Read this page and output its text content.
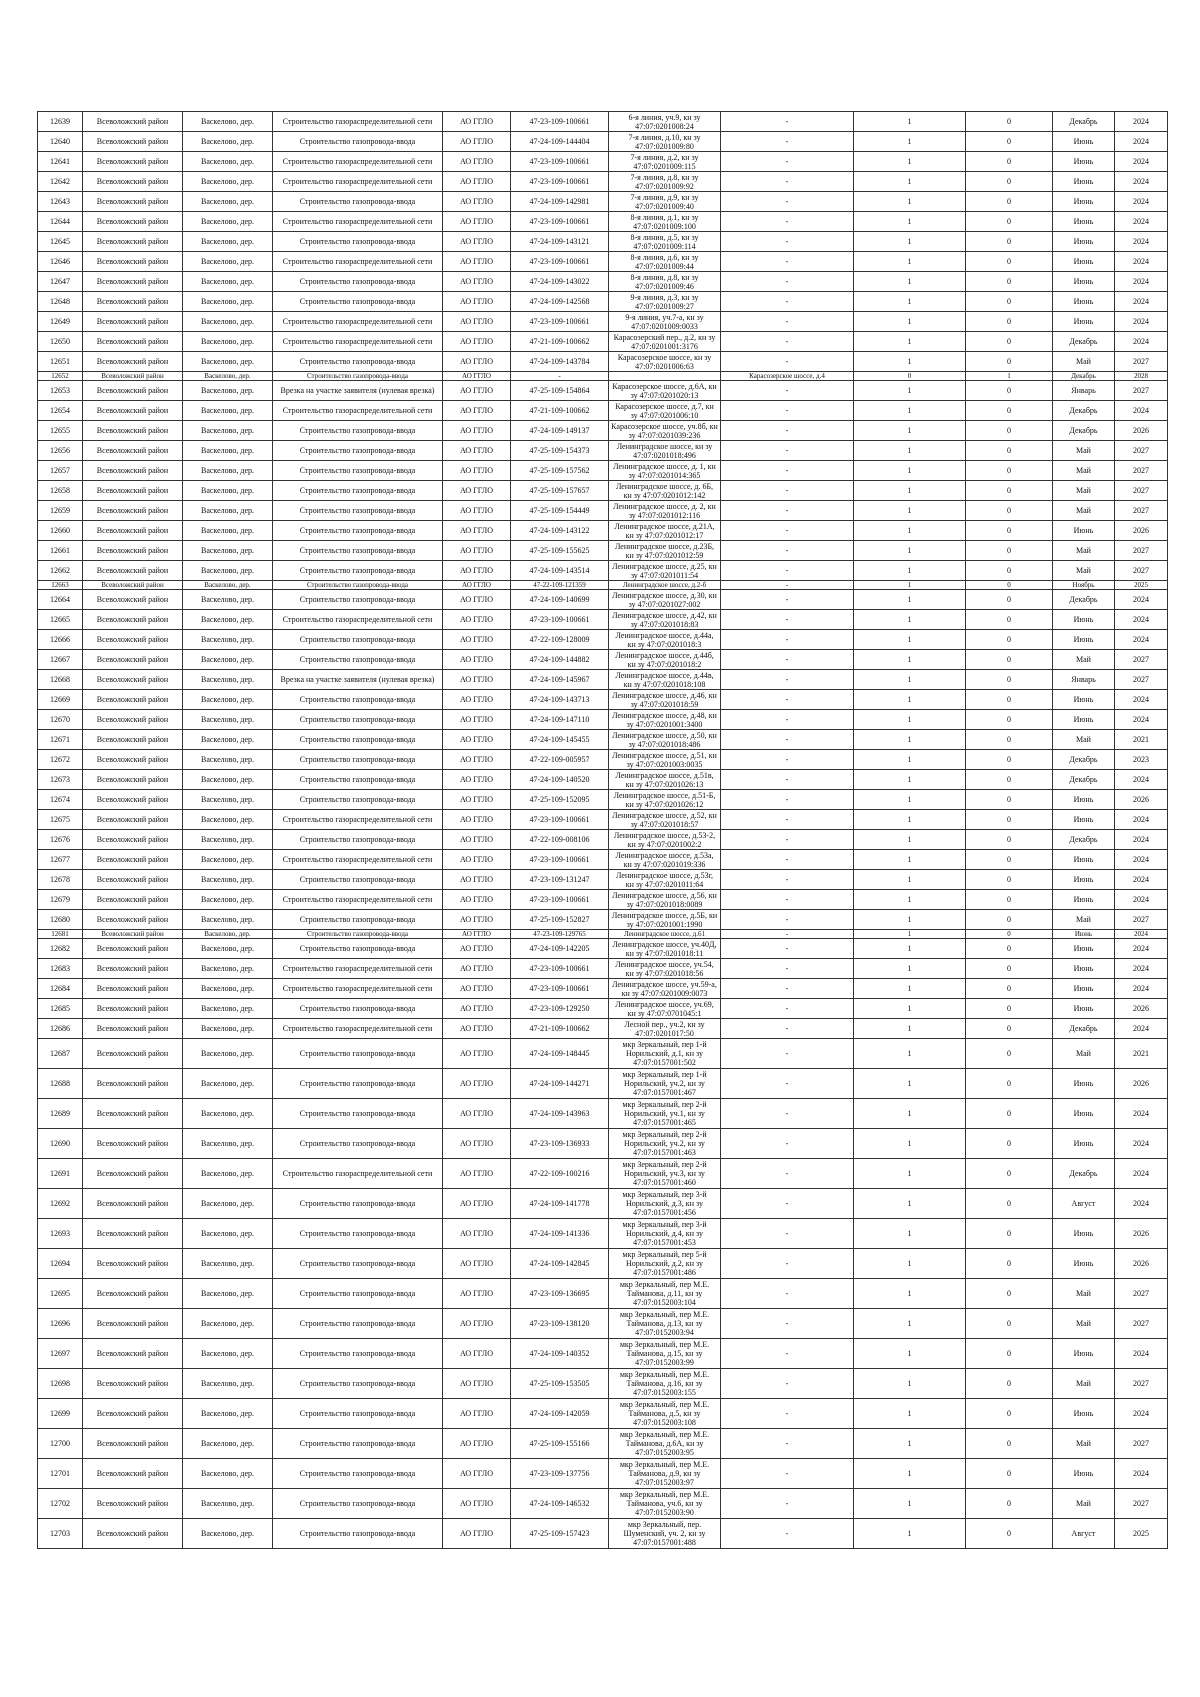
12639	Всеволожский район	Васкелово, дер.	Строительство газораспределительной сети	АО ГГЛО	47-23-109-100661	6-я линия, уч.9, кн зу 47:07:0201008:24	-	1	0	Декабрь	2024
12640	Всеволожский район	Васкелово, дер.	Строительство газопровода-ввода	АО ГГЛО	47-24-109-144404	7-я линия, д.10, кн зу 47:07:0201009:80	-	1	0	Июнь	2024
12641	Всеволожский район	Васкелово, дер.	Строительство газораспределительной сети	АО ГГЛО	47-23-109-100661	7-я линия, д.2, кн зу 47:07:0201009:115	-	1	0	Июнь	2024
12642	Всеволожский район	Васкелово, дер.	Строительство газораспределительной сети	АО ГГЛО	47-23-109-100661	7-я линия, д.8, кн зу 47:07:0201009:92	-	1	0	Июнь	2024
12643	Всеволожский район	Васкелово, дер.	Строительство газопровода-ввода	АО ГГЛО	47-24-109-142981	7-я линия, д.9, кн зу 47:07:0201009:40	-	1	0	Июнь	2024
12644	Всеволожский район	Васкелово, дер.	Строительство газораспределительной сети	АО ГГЛО	47-23-109-100661	8-я линия, д.1, кн зу 47:07:0201009:100	-	1	0	Июнь	2024
12645	Всеволожский район	Васкелово, дер.	Строительство газопровода-ввода	АО ГГЛО	47-24-109-143121	8-я линия, д.5, кн зу 47:07:0201009:114	-	1	0	Июнь	2024
12646	Всеволожский район	Васкелово, дер.	Строительство газораспределительной сети	АО ГГЛО	47-23-109-100661	8-я линия, д.6, кн зу 47:07:0201009:44	-	1	0	Июнь	2024
12647	Всеволожский район	Васкелово, дер.	Строительство газопровода-ввода	АО ГГЛО	47-24-109-143022	8-я линия, д.8, кн зу 47:07:0201009:46	-	1	0	Июнь	2024
12648	Всеволожский район	Васкелово, дер.	Строительство газопровода-ввода	АО ГГЛО	47-24-109-142568	9-я линия, д.3, кн зу 47:07:0201009:27	-	1	0	Июнь	2024
12649	Всеволожский район	Васкелово, дер.	Строительство газораспределительной сети	АО ГГЛО	47-23-109-100661	9-я линия, уч.7-а, кн зу 47:07:0201009:0033	-	1	0	Июнь	2024
12650	Всеволожский район	Васкелово, дер.	Строительство газораспределительной сети	АО ГГЛО	47-21-109-100662	Карасозерский пер., д.2, кн зу 47:07:0201001:3176	-	1	0	Декабрь	2024
12651	Всеволожский район	Васкелово, дер.	Строительство газопровода-ввода	АО ГГЛО	47-24-109-143784	Карасозерское шоссе, кн зу 47:07:0201006:63	-	1	0	Май	2027
12652	Всеволожский район	Васкелово, дер.	Строительство газопровода-ввода	АО ГГЛО	-		Карасозерское шоссе, д.4	0	1	Декабрь	2028
12653	Всеволожский район	Васкелово, дер.	Врезка на участке заявителя (нулевая врезка)	АО ГГЛО	47-25-109-154864	Карасозерское шоссе, д.6А, кн зу 47:07:0201020:13	-	1	0	Январь	2027
12654	Всеволожский район	Васкелово, дер.	Строительство газораспределительной сети	АО ГГЛО	47-21-109-100662	Карасозерское шоссе, д.7, кн зу 47:07:0201006:10	-	1	0	Декабрь	2024
12655	Всеволожский район	Васкелово, дер.	Строительство газопровода-ввода	АО ГГЛО	47-24-109-149137	Карасозерское шоссе, уч.8б, кн зу 47:07:0201039:236	-	1	0	Декабрь	2026
12656	Всеволожский район	Васкелово, дер.	Строительство газопровода-ввода	АО ГГЛО	47-25-109-154373	Ленинградское шоссе, кн зу 47:07:0201018:496	-	1	0	Май	2027
12657	Всеволожский район	Васкелово, дер.	Строительство газопровода-ввода	АО ГГЛО	47-25-109-157562	Ленинградское шоссе, д. 1, кн зу 47:07:0201014:365	-	1	0	Май	2027
12658	Всеволожский район	Васкелово, дер.	Строительство газопровода-ввода	АО ГГЛО	47-25-109-157657	Ленинградское шоссе, д. 6Б, кн зу 47:07:0201012:142	-	1	0	Май	2027
12659	Всеволожский район	Васкелово, дер.	Строительство газопровода-ввода	АО ГГЛО	47-25-109-154449	Ленинградское шоссе, д. 2, кн зу 47:07:0201012:116	-	1	0	Май	2027
12660	Всеволожский район	Васкелово, дер.	Строительство газопровода-ввода	АО ГГЛО	47-24-109-143122	Ленинградское шоссе, д.21А, кн зу 47:07:0201012:17	-	1	0	Июнь	2026
12661	Всеволожский район	Васкелово, дер.	Строительство газопровода-ввода	АО ГГЛО	47-25-109-155625	Ленинградское шоссе, д.23Б, кн зу 47:07:0201012:59	-	1	0	Май	2027
12662	Всеволожский район	Васкелово, дер.	Строительство газопровода-ввода	АО ГГЛО	47-24-109-143514	Ленинградское шоссе, д.25, кн зу 47:07:0201011:54	-	1	0	Май	2027
12663	Всеволожский район	Васкелово, дер.	Строительство газопровода-ввода	АО ГГЛО	47-22-109-121359	Ленинградское шоссе, д.2-б	-	1	0	Ноябрь	2025
12664	Всеволожский район	Васкелово, дер.	Строительство газопровода-ввода	АО ГГЛО	47-24-109-140699	Ленинградское шоссе, д.30, кн зу 47:07:0201027:002	-	1	0	Декабрь	2024
12665	Всеволожский район	Васкелово, дер.	Строительство газораспределительной сети	АО ГГЛО	47-23-109-100661	Ленинградское шоссе, д.42, кн зу 47:07:0201018:83	-	1	0	Июнь	2024
12666	Всеволожский район	Васкелово, дер.	Строительство газопровода-ввода	АО ГГЛО	47-22-109-128009	Ленинградское шоссе, д.44а, кн зу 47:07:0201018:3	-	1	0	Июнь	2024
12667	Всеволожский район	Васкелово, дер.	Строительство газопровода-ввода	АО ГГЛО	47-24-109-144882	Ленинградское шоссе, д.44б, кн зу 47:07:0201018:2	-	1	0	Май	2027
12668	Всеволожский район	Васкелово, дер.	Врезка на участке заявителя (нулевая врезка)	АО ГГЛО	47-24-109-145967	Ленинградское шоссе, д.44в, кн зу 47:07:0201018:108	-	1	0	Январь	2027
12669	Всеволожский район	Васкелово, дер.	Строительство газопровода-ввода	АО ГГЛО	47-24-109-143713	Ленинградское шоссе, д.46, кн зу 47:07:0201018:59	-	1	0	Июнь	2024
12670	Всеволожский район	Васкелово, дер.	Строительство газопровода-ввода	АО ГГЛО	47-24-109-147110	Ленинградское шоссе, д.48, кн зу 47:07:0201001:3400	-	1	0	Июнь	2024
12671	Всеволожский район	Васкелово, дер.	Строительство газопровода-ввода	АО ГГЛО	47-24-109-145455	Ленинградское шоссе, д.50, кн зу 47:07:0201018:486	-	1	0	Май	2021
12672	Всеволожский район	Васкелово, дер.	Строительство газопровода-ввода	АО ГГЛО	47-22-109-005957	Ленинградское шоссе, д.51, кн зу 47:07:0201003:0035	-	1	0	Декабрь	2023
12673	Всеволожский район	Васкелово, дер.	Строительство газопровода-ввода	АО ГГЛО	47-24-109-140520	Ленинградское шоссе, д.51в, кн зу 47:07:0201026:13	-	1	0	Декабрь	2024
12674	Всеволожский район	Васкелово, дер.	Строительство газопровода-ввода	АО ГГЛО	47-25-109-152095	Ленинградское шоссе, д.51-Б, кн зу 47:07:0201026:12	-	1	0	Июнь	2026
12675	Всеволожский район	Васкелово, дер.	Строительство газораспределительной сети	АО ГГЛО	47-23-109-100661	Ленинградское шоссе, д.52, кн зу 47:07:0201018:57	-	1	0	Июнь	2024
12676	Всеволожский район	Васкелово, дер.	Строительство газопровода-ввода	АО ГГЛО	47-22-109-008106	Ленинградское шоссе, д.53-2, кн зу 47:07:0201002:2	-	1	0	Декабрь	2024
12677	Всеволожский район	Васкелово, дер.	Строительство газораспределительной сети	АО ГГЛО	47-23-109-100661	Ленинградское шоссе, д.53а, кн зу 47:07:0201019:336	-	1	0	Июнь	2024
12678	Всеволожский район	Васкелово, дер.	Строительство газопровода-ввода	АО ГГЛО	47-23-109-131247	Ленинградское шоссе, д.53г, кн зу 47:07:0201011:64	-	1	0	Июнь	2024
12679	Всеволожский район	Васкелово, дер.	Строительство газораспределительной сети	АО ГГЛО	47-23-109-100661	Ленинградское шоссе, д.56, кн зу 47:07:0201018:0089	-	1	0	Июнь	2024
12680	Всеволожский район	Васкелово, дер.	Строительство газопровода-ввода	АО ГГЛО	47-25-109-152827	Ленинградское шоссе, д.5Б, кн зу 47:07:0201001:1990	-	1	0	Май	2027
12681	Всеволожский район	Васкелово, дер.	Строительство газопровода-ввода	АО ГГЛО	47-23-109-129765	Ленинградское шоссе, д.61	-	1	0	Июнь	2024
12682	Всеволожский район	Васкелово, дер.	Строительство газопровода-ввода	АО ГГЛО	47-24-109-142205	Ленинградское шоссе, уч.40Д, кн зу 47:07:0201018:11	-	1	0	Июнь	2024
12683	Всеволожский район	Васкелово, дер.	Строительство газораспределительной сети	АО ГГЛО	47-23-109-100661	Ленинградское шоссе, уч.54, кн зу 47:07:0201018:56	-	1	0	Июнь	2024
12684	Всеволожский район	Васкелово, дер.	Строительство газораспределительной сети	АО ГГЛО	47-23-109-100661	Ленинградское шоссе, уч.59-а, кн зу 47:07:0201009:0073	-	1	0	Июнь	2024
12685	Всеволожский район	Васкелово, дер.	Строительство газопровода-ввода	АО ГГЛО	47-23-109-129250	Ленинградское шоссе, уч.69, кн зу 47:07:0701045:1	-	1	0	Июнь	2026
12686	Всеволожский район	Васкелово, дер.	Строительство газораспределительной сети	АО ГГЛО	47-21-109-100662	Лесной пер., уч.2, кн зу 47:07:0201017:50	-	1	0	Декабрь	2024
12687	Всеволожский район	Васкелово, дер.	Строительство газопровода-ввода	АО ГГЛО	47-24-109-148445	мкр Зеркальный, пер 1-й Норильский, д.1, кн зу 47:07:0157001:502	-	1	0	Май	2021
12688	Всеволожский район	Васкелово, дер.	Строительство газопровода-ввода	АО ГГЛО	47-24-109-144271	мкр Зеркальный, пер 1-й Норильский, уч.2, кн зу 47:07:0157001:467	-	1	0	Июнь	2026
12689	Всеволожский район	Васкелово, дер.	Строительство газопровода-ввода	АО ГГЛО	47-24-109-143963	мкр Зеркальный, пер 2-й Норильский, уч.1, кн зу 47:07:0157001:465	-	1	0	Июнь	2024
12690	Всеволожский район	Васкелово, дер.	Строительство газопровода-ввода	АО ГГЛО	47-23-109-136933	мкр Зеркальный, пер 2-й Норильский, уч.2, кн зу 47:07:0157001:463	-	1	0	Июнь	2024
12691	Всеволожский район	Васкелово, дер.	Строительство газораспределительной сети	АО ГГЛО	47-22-109-100216	мкр Зеркальный, пер 2-й Норильский, уч.3, кн зу 47:07:0157001:460	-	1	0	Декабрь	2024
12692	Всеволожский район	Васкелово, дер.	Строительство газопровода-ввода	АО ГГЛО	47-24-109-141778	мкр Зеркальный, пер 3-й Норильский, д.3, кн зу 47:07:0157001:456	-	1	0	Август	2024
12693	Всеволожский район	Васкелово, дер.	Строительство газопровода-ввода	АО ГГЛО	47-24-109-141336	мкр Зеркальный, пер 3-й Норильский, д.4, кн зу 47:07:0157001:453	-	1	0	Июнь	2026
12694	Всеволожский район	Васкелово, дер.	Строительство газопровода-ввода	АО ГГЛО	47-24-109-142845	мкр Зеркальный, пер 5-й Норильский, д.2, кн зу 47:07:0157001:486	-	1	0	Июнь	2026
12695	Всеволожский район	Васкелово, дер.	Строительство газопровода-ввода	АО ГГЛО	47-23-109-136695	мкр Зеркальный, пер М.Е. Таймановa, д.11, кн зу 47:07:0152003:104	-	1	0	Май	2027
12696	Всеволожский район	Васкелово, дер.	Строительство газопровода-ввода	АО ГГЛО	47-23-109-138120	мкр Зеркальный, пер М.Е. Таймановa, д.13, кн зу 47:07:0152003:94	-	1	0	Май	2027
12697	Всеволожский район	Васкелово, дер.	Строительство газопровода-ввода	АО ГГЛО	47-24-109-140352	мкр Зеркальный, пер М.Е. Таймановa, д.15, кн зу 47:07:0152003:99	-	1	0	Июнь	2024
12698	Всеволожский район	Васкелово, дер.	Строительство газопровода-ввода	АО ГГЛО	47-25-109-153505	мкр Зеркальный, пер М.Е. Таймановa, д.16, кн зу 47:07:0152003:155	-	1	0	Май	2027
12699	Всеволожский район	Васкелово, дер.	Строительство газопровода-ввода	АО ГГЛО	47-24-109-142059	мкр Зеркальный, пер М.Е. Таймановa, д.5, кн зу 47:07:0152003:108	-	1	0	Июнь	2024
12700	Всеволожский район	Васкелово, дер.	Строительство газопровода-ввода	АО ГГЛО	47-25-109-155166	мкр Зеркальный, пер М.Е. Таймановa, д.6А, кн зу 47:07:0152003:95	-	1	0	Май	2027
12701	Всеволожский район	Васкелово, дер.	Строительство газопровода-ввода	АО ГГЛО	47-23-109-137756	мкр Зеркальный, пер М.Е. Таймановa, д.9, кн зу 47:07:0152003:97	-	1	0	Июнь	2024
12702	Всеволожский район	Васкелово, дер.	Строительство газопровода-ввода	АО ГГЛО	47-24-109-146532	мкр Зеркальный, пер М.Е. Таймановa, уч.6, кн зу 47:07:0152003:90	-	1	0	Май	2027
12703	Всеволожский район	Васкелово, дер.	Строительство газопровода-ввода	АО ГГЛО	47-25-109-157423	мкр Зеркальный, пер. Шуменский, уч. 2, кн зу 47:07:0157001:488	-	1	0	Август	2025
